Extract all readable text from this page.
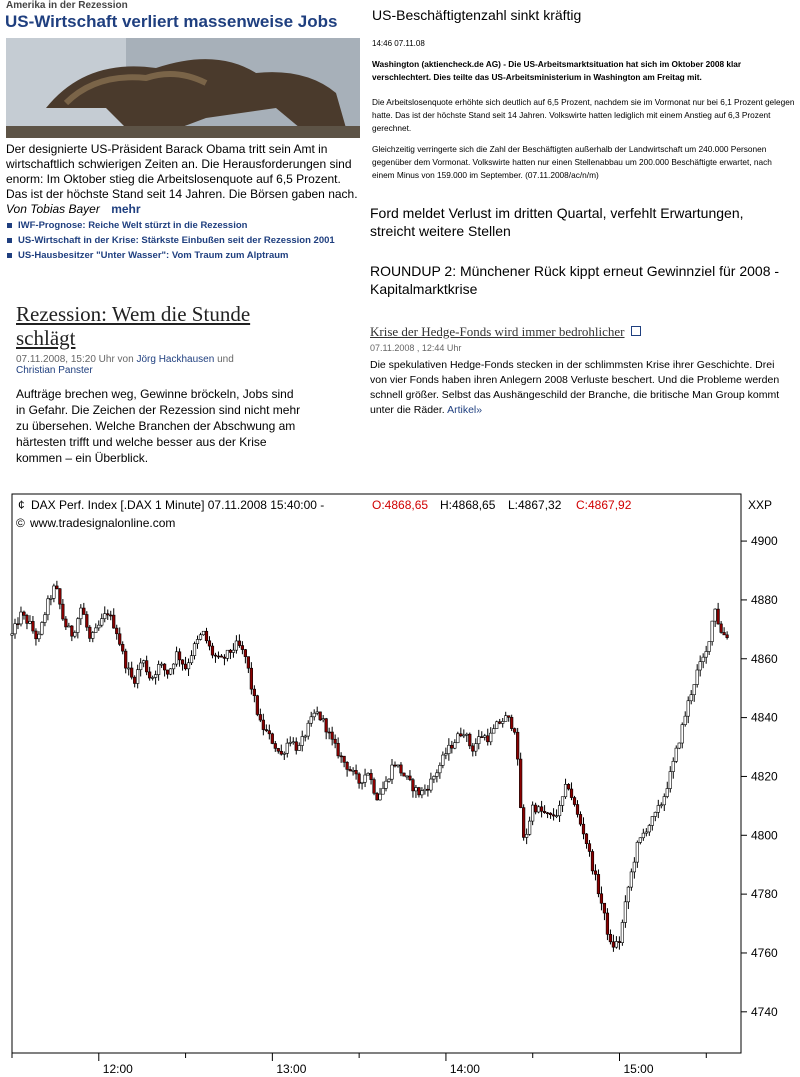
Amerika in der Rezession
US-Wirtschaft verliert massenweise Jobs
Der designierte US-Präsident Barack Obama tritt sein Amt in wirtschaftlich schwierigen Zeiten an. Die Herausforderungen sind enorm: Im Oktober stieg die Arbeitslosenquote auf 6,5 Prozent. Das ist der höchste Stand seit 14 Jahren. Die Börsen gaben nach. Von Tobias Bayer mehr
IWF-Prognose: Reiche Welt stürzt in die Rezession
US-Wirtschaft in der Krise: Stärkste Einbußen seit der Rezession 2001
US-Hausbesitzer "Unter Wasser": Vom Traum zum Alptraum
US-Beschäftigtenzahl sinkt kräftig
14:46 07.11.08
Washington (aktiencheck.de AG) - Die US-Arbeitsmarktsituation hat sich im Oktober 2008 klar verschlechtert. Dies teilte das US-Arbeitsministerium in Washington am Freitag mit.
Die Arbeitslosenquote erhöhte sich deutlich auf 6,5 Prozent, nachdem sie im Vormonat nur bei 6,1 Prozent gelegen hatte. Das ist der höchste Stand seit 14 Jahren. Volkswirte hatten lediglich mit einem Anstieg auf 6,3 Prozent gerechnet.
Gleichzeitig verringerte sich die Zahl der Beschäftigten außerhalb der Landwirtschaft um 240.000 Personen gegenüber dem Vormonat. Volkswirte hatten nur einen Stellenabbau um 200.000 Beschäftigte erwartet, nach einem Minus von 159.000 im September. (07.11.2008/ac/n/m)
Ford meldet Verlust im dritten Quartal, verfehlt Erwartungen, streicht weitere Stellen
ROUNDUP 2: Münchener Rück kippt erneut Gewinnziel für 2008 - Kapitalmarktkrise
Rezession: Wem die Stunde schlägt
07.11.2008, 15:20 Uhr von Jörg Hackhausen und
Christian Panster
Aufträge brechen weg, Gewinne bröckeln, Jobs sind in Gefahr. Die Zeichen der Rezession sind nicht mehr zu übersehen. Welche Branchen der Abschwung am härtesten trifft und welche besser aus der Krise kommen – ein Überblick.
Krise der Hedge-Fonds wird immer bedrohlicher
07.11.2008 , 12:44 Uhr
Die spekulativen Hedge-Fonds stecken in der schlimmsten Krise ihrer Geschichte. Drei von vier Fonds haben ihren Anlegern 2008 Verluste beschert. Und die Probleme werden schnell größer. Selbst das Aushängeschild der Branche, die britische Man Group kommt unter die Räder. Artikel»
¢ DAX Perf. Index [.DAX 1 Minute] 07.11.2008 15:40:00 -	O:4868,65 H:4868,65 L:4867,32 C:4867,92
© www.tradesignalonline.com
XXP
4900
4880
4860
4840
4820
4800
4780
4760
4740
12:00	13:00	14:00	15:00
